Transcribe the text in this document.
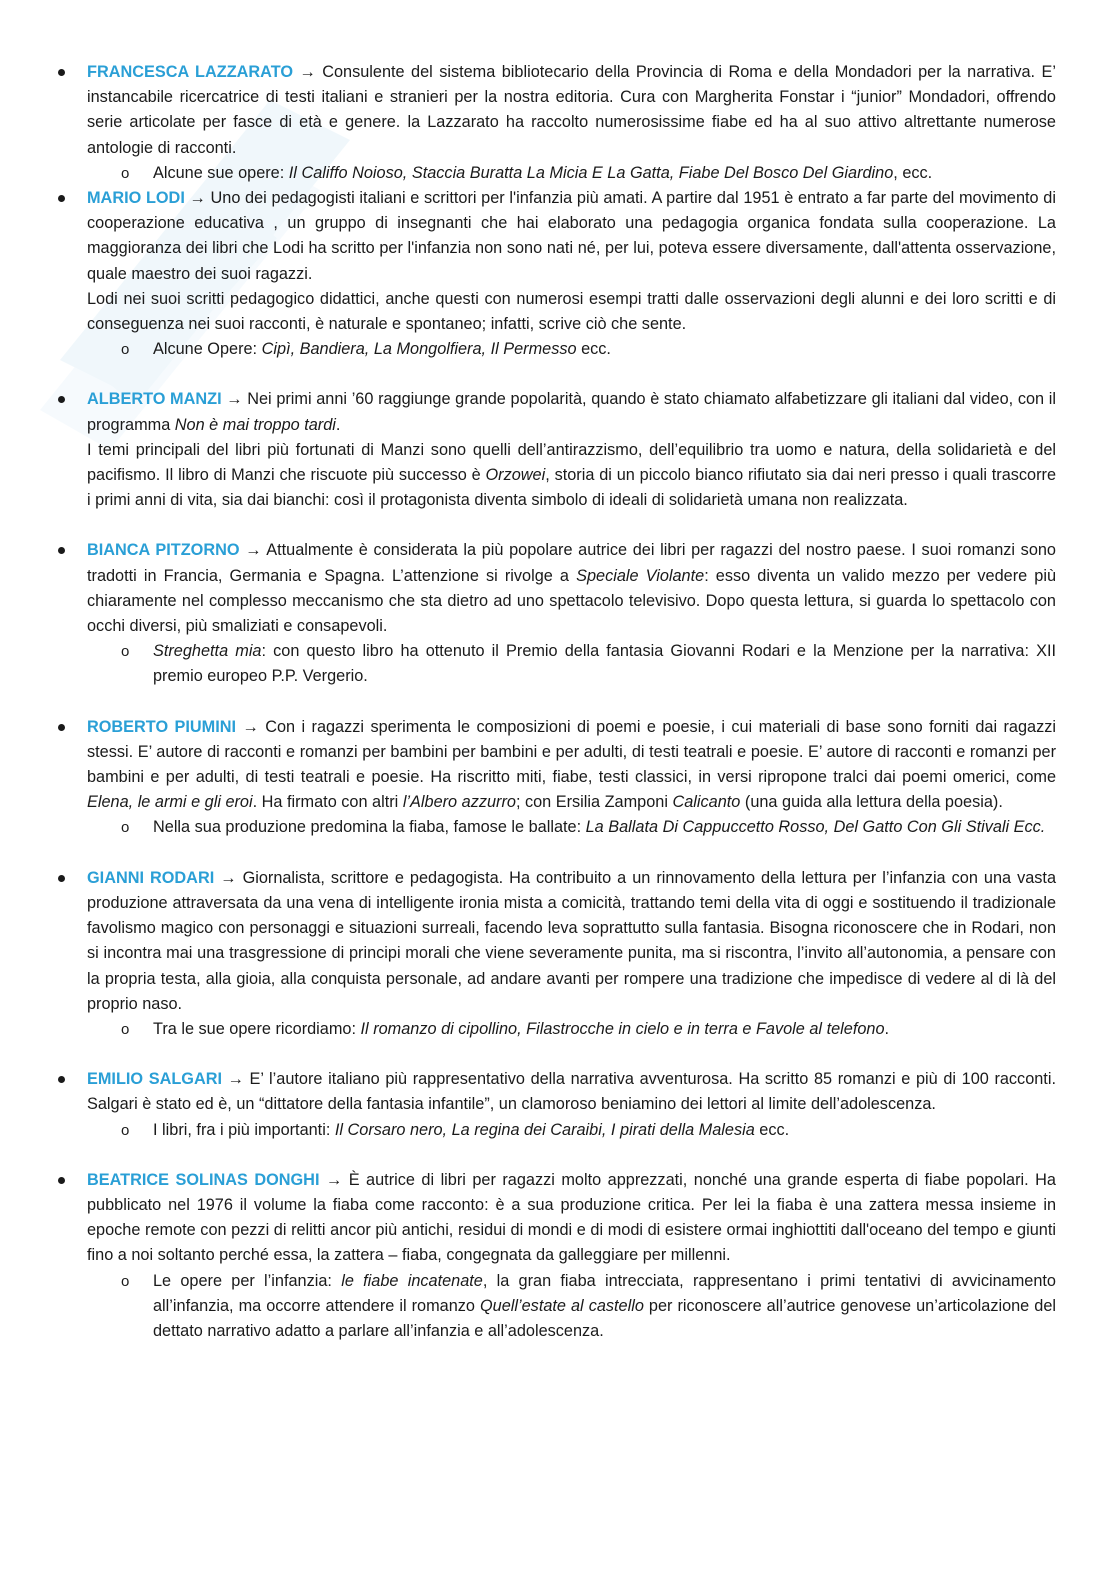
FRANCESCA LAZZARATO → Consulente del sistema bibliotecario della Provincia di Roma e della Mondadori per la narrativa. E’ instancabile ricercatrice di testi italiani e stranieri per la nostra editoria. Cura con Margherita Fonstar i “junior” Mondadori, offrendo serie articolate per fasce di età e genere. la Lazzarato ha raccolto numerosissime fiabe ed ha al suo attivo altrettante numerose antologie di racconti.
o Alcune sue opere: Il Califfo Noioso, Staccia Buratta La Micia E La Gatta, Fiabe Del Bosco Del Giardino, ecc.
MARIO LODI → Uno dei pedagogisti italiani e scrittori per l'infanzia più amati. A partire dal 1951 è entrato a far parte del movimento di cooperazione educativa , un gruppo di insegnanti che hai elaborato una pedagogia organica fondata sulla cooperazione. La maggioranza dei libri che Lodi ha scritto per l'infanzia non sono nati né, per lui, poteva essere diversamente, dall'attenta osservazione, quale maestro dei suoi ragazzi.
Lodi nei suoi scritti pedagogico didattici, anche questi con numerosi esempi tratti dalle osservazioni degli alunni e dei loro scritti e di conseguenza nei suoi racconti, è naturale e spontaneo; infatti, scrive ciò che sente.
o Alcune Opere: Cipì, Bandiera, La Mongolfiera, Il Permesso ecc.
ALBERTO MANZI → Nei primi anni ’60 raggiunge grande popolarità, quando è stato chiamato alfabetizzare gli italiani dal video, con il programma Non è mai troppo tardi.
I temi principali del libri più fortunati di Manzi sono quelli dell’antirazzismo, dell’equilibrio tra uomo e natura, della solidarietà e del pacifismo. Il libro di Manzi che riscuote più successo è Orzowei, storia di un piccolo bianco rifiutato sia dai neri presso i quali trascorre i primi anni di vita, sia dai bianchi: così il protagonista diventa simbolo di ideali di solidarietà umana non realizzata.
BIANCA PITZORNO → Attualmente è considerata la più popolare autrice dei libri per ragazzi del nostro paese. I suoi romanzi sono tradotti in Francia, Germania e Spagna. L’attenzione si rivolge a Speciale Violante: esso diventa un valido mezzo per vedere più chiaramente nel complesso meccanismo che sta dietro ad uno spettacolo televisivo. Dopo questa lettura, si guarda lo spettacolo con occhi diversi, più smaliziati e consapevoli.
o Streghetta mia: con questo libro ha ottenuto il Premio della fantasia Giovanni Rodari e la Menzione per la narrativa: XII premio europeo P.P. Vergerio.
ROBERTO PIUMINI → Con i ragazzi sperimenta le composizioni di poemi e poesie, i cui materiali di base sono forniti dai ragazzi stessi. E’ autore di racconti e romanzi per bambini per bambini e per adulti, di testi teatrali e poesie. E’ autore di racconti e romanzi per bambini e per adulti, di testi teatrali e poesie. Ha riscritto miti, fiabe, testi classici, in versi ripropone tralci dai poemi omerici, come Elena, le armi e gli eroi. Ha firmato con altri l’Albero azzurro; con Ersilia Zamponi Calicanto (una guida alla lettura della poesia).
o Nella sua produzione predomina la fiaba, famose le ballate: La Ballata Di Cappuccetto Rosso, Del Gatto Con Gli Stivali Ecc.
GIANNI RODARI → Giornalista, scrittore e pedagogista. Ha contribuito a un rinnovamento della lettura per l’infanzia con una vasta produzione attraversata da una vena di intelligente ironia mista a comicità, trattando temi della vita di oggi e sostituendo il tradizionale favolismo magico con personaggi e situazioni surreali, facendo leva soprattutto sulla fantasia. Bisogna riconoscere che in Rodari, non si incontra mai una trasgressione di principi morali che viene severamente punita, ma si riscontra, l’invito all’autonomia, a pensare con la propria testa, alla gioia, alla conquista personale, ad andare avanti per rompere una tradizione che impedisce di vedere al di là del proprio naso.
o Tra le sue opere ricordiamo: Il romanzo di cipollino, Filastrocche in cielo e in terra e Favole al telefono.
EMILIO SALGARI → E’ l’autore italiano più rappresentativo della narrativa avventurosa. Ha scritto 85 romanzi e più di 100 racconti. Salgari è stato ed è, un “dittatore della fantasia infantile”, un clamoroso beniamino dei lettori al limite dell’adolescenza.
o I libri, fra i più importanti: Il Corsaro nero, La regina dei Caraibi, I pirati della Malesia ecc.
BEATRICE SOLINAS DONGHI → È autrice di libri per ragazzi molto apprezzati, nonché una grande esperta di fiabe popolari. Ha pubblicato nel 1976 il volume la fiaba come racconto: è a sua produzione critica. Per lei la fiaba è una zattera messa insieme in epoche remote con pezzi di relitti ancor più antichi, residui di mondi e di modi di esistere ormai inghiottiti dall'oceano del tempo e giunti fino a noi soltanto perché essa, la zattera – fiaba, congegnata da galleggiare per millenni.
o Le opere per l’infanzia: le fiabe incatenate, la gran fiaba intrecciata, rappresentano i primi tentativi di avvicinamento all’infanzia, ma occorre attendere il romanzo Quell’estate al castello per riconoscere all’autrice genovese un’articolazione del dettato narrativo adatto a parlare all’infanzia e all’adolescenza.
